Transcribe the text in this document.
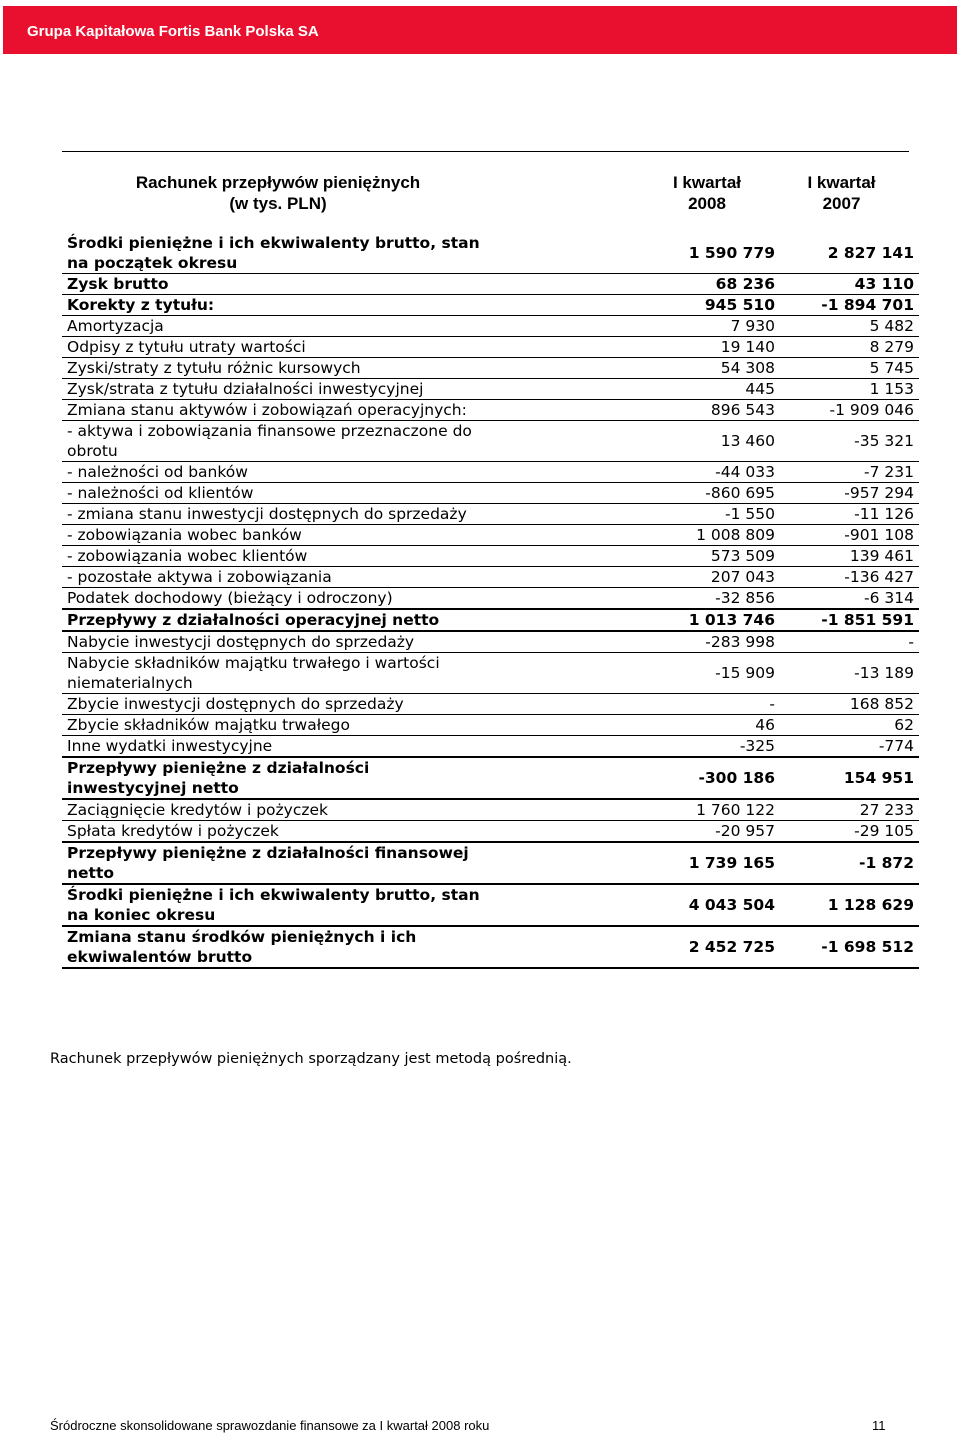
Grupa Kapitałowa Fortis Bank Polska SA
Rachunek przepływów pieniężnych
(w tys. PLN)
I kwartał
2008
I kwartał
2007
Środki pieniężne i ich ekwiwalenty brutto, stan na początek okresu		1 590 779	2 827 141
Zysk brutto		68 236	43 110
Korekty z tytułu:		945 510	-1 894 701
Amortyzacja		7 930	5 482
Odpisy z tytułu utraty wartości		19 140	8 279
Zyski/straty z tytułu różnic kursowych		54 308	5 745
Zysk/strata z tytułu działalności inwestycyjnej		445	1 153
Zmiana stanu aktywów i zobowiązań operacyjnych:		896 543	-1 909 046
- aktywa i zobowiązania finansowe przeznaczone do obrotu		13 460	-35 321
- należności od banków		-44 033	-7 231
- należności od klientów		-860 695	-957 294
- zmiana stanu inwestycji dostępnych do sprzedaży		-1 550	-11 126
- zobowiązania wobec banków		1 008 809	-901 108
- zobowiązania wobec klientów		573 509	139 461
- pozostałe aktywa i zobowiązania		207 043	-136 427
Podatek dochodowy (bieżący i odroczony)		-32 856	-6 314
Przepływy z działalności operacyjnej netto		1 013 746	-1 851 591
Nabycie inwestycji dostępnych do sprzedaży		-283 998	-
Nabycie składników majątku trwałego i wartości niematerialnych		-15 909	-13 189
Zbycie inwestycji dostępnych do sprzedaży		-	168 852
Zbycie składników majątku trwałego		46	62
Inne wydatki inwestycyjne		-325	-774
Przepływy pieniężne z działalności inwestycyjnej netto		-300 186	154 951
Zaciągnięcie kredytów i pożyczek		1 760 122	27 233
Spłata kredytów i pożyczek		-20 957	-29 105
Przepływy pieniężne z działalności finansowej netto		1 739 165	-1 872
Środki pieniężne i ich ekwiwalenty brutto, stan na koniec okresu		4 043 504	1 128 629
Zmiana stanu środków pieniężnych i ich ekwiwalentów brutto		2 452 725	-1 698 512
Rachunek przepływów pieniężnych sporządzany jest metodą pośrednią.
Śródroczne skonsolidowane sprawozdanie finansowe za I kwartał 2008 roku	11
